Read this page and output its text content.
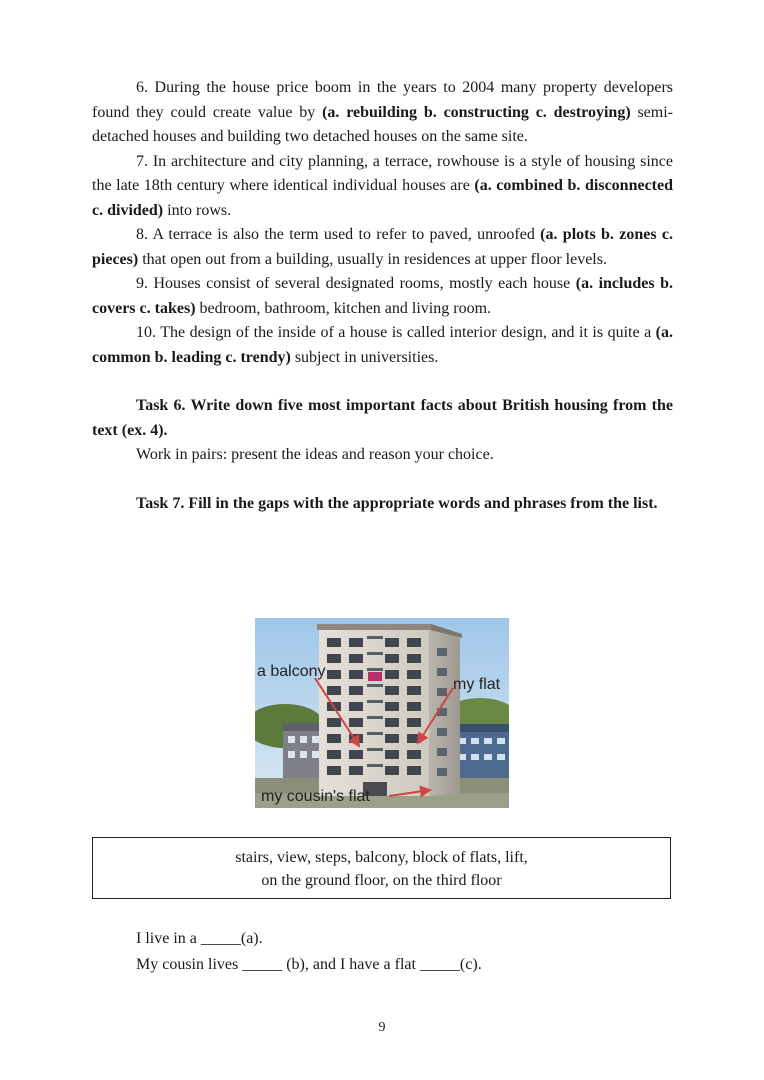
6. During the house price boom in the years to 2004 many property developers found they could create value by (a. rebuilding b. constructing c. destroying) semi-detached houses and building two detached houses on the same site.

7. In architecture and city planning, a terrace, rowhouse is a style of housing since the late 18th century where identical individual houses are (a. combined b. disconnected c. divided) into rows.

8. A terrace is also the term used to refer to paved, unroofed (a. plots b. zones c. pieces) that open out from a building, usually in residences at upper floor levels.

9. Houses consist of several designated rooms, mostly each house (a. includes b. covers c. takes) bedroom, bathroom, kitchen and living room.

10. The design of the inside of a house is called interior design, and it is quite a (a. common b. leading c. trendy) subject in universities.

Task 6. Write down five most important facts about British housing from the text (ex. 4).

Work in pairs: present the ideas and reason your choice.

Task 7. Fill in the gaps with the appropriate words and phrases from the list.

a balcony
my flat
my cousin's flat
stairs, view, steps, balcony, block of flats, lift,
on the ground floor, on the third floor
I live in a _____(a).
My cousin lives _____ (b), and I have a flat _____(c).
9
